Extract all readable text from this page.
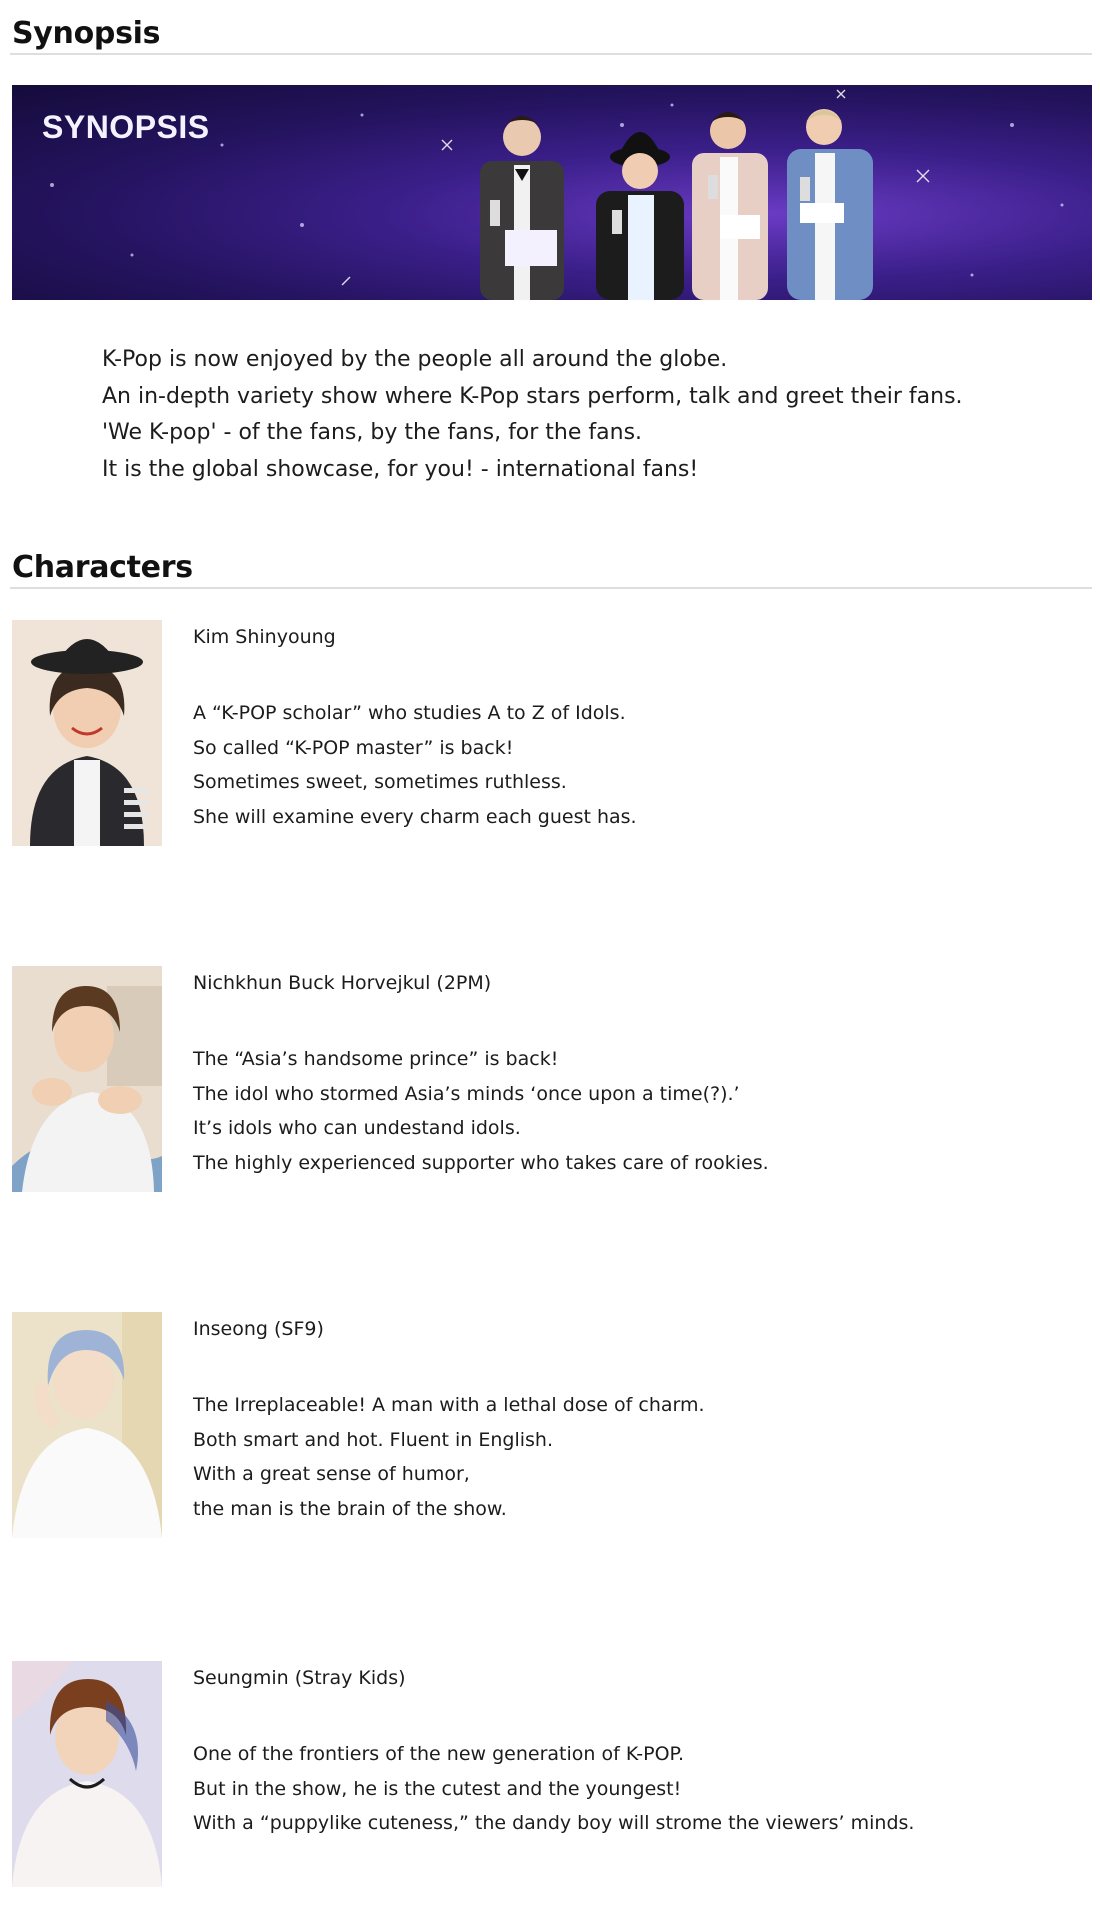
Synopsis
SYNOPSIS

K-Pop is now enjoyed by the people all around the globe.

An in-depth variety show where K-Pop stars perform, talk and greet their fans.

'We K-pop' - of the fans, by the fans, for the fans.

It is the global showcase, for you! - international fans!

Characters

Kim Shinyoung

A “K-POP scholar” who studies A to Z of Idols.

So called “K-POP master” is back!

Sometimes sweet, sometimes ruthless.

She will examine every charm each guest has.

Nichkhun Buck Horvejkul (2PM)

The “Asia’s handsome prince” is back!

The idol who stormed Asia’s minds ‘once upon a time(?).’

It’s idols who can undestand idols.

The highly experienced supporter who takes care of rookies.

Inseong (SF9)

The Irreplaceable! A man with a lethal dose of charm.

Both smart and hot. Fluent in English.

With a great sense of humor,

the man is the brain of the show.

Seungmin (Stray Kids)

One of the frontiers of the new generation of K-POP.

But in the show, he is the cutest and the youngest!

With a “puppylike cuteness,” the dandy boy will strome the viewers’ minds.
